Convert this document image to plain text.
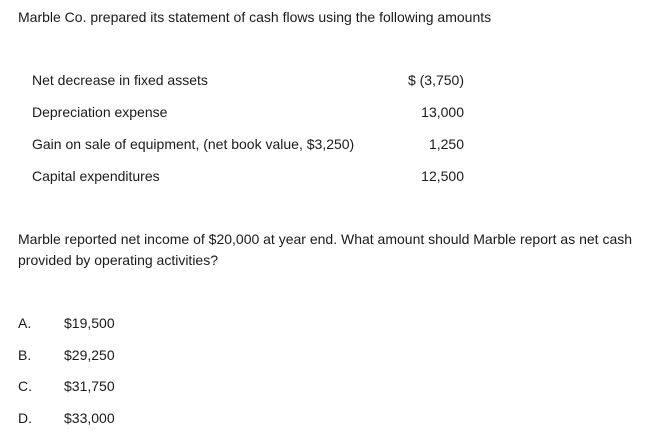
Marble Co. prepared its statement of cash flows using the following amounts
Net decrease in fixed assets	$ (3,750)
Depreciation expense	13,000
Gain on sale of equipment, (net book value, $3,250)	1,250
Capital expenditures	12,500
Marble reported net income of $20,000 at year end. What amount should Marble report as net cash provided by operating activities?
A. $19,500
B. $29,250
C. $31,750
D. $33,000
